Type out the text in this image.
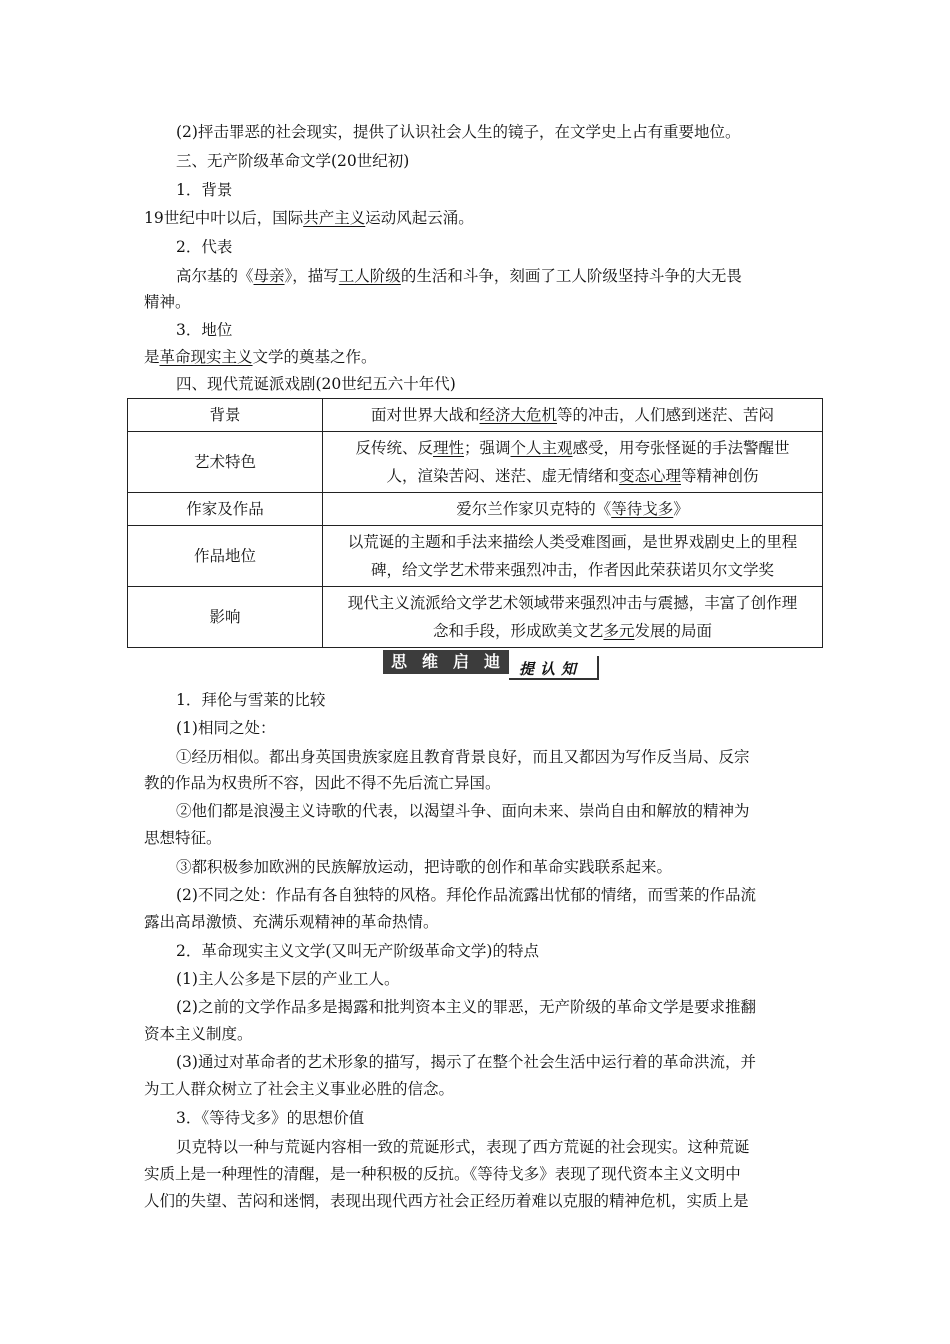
(2)抨击罪恶的社会现实，提供了认识社会人生的镜子，在文学史上占有重要地位。
三、无产阶级革命文学(20世纪初)
1．背景
19世纪中叶以后，国际共产主义运动风起云涌。
2．代表
高尔基的《母亲》，描写工人阶级的生活和斗争，刻画了工人阶级坚持斗争的大无畏
精神。
3．地位
是革命现实主义文学的奠基之作。
四、现代荒诞派戏剧(20世纪五六十年代)
背景	面对世界大战和经济大危机等的冲击，人们感到迷茫、苦闷
艺术特色	反传统、反理性；强调个人主观感受，用夸张怪诞的手法警醒世
人，渲染苦闷、迷茫、虚无情绪和变态心理等精神创伤

作家及作品	爱尔兰作家贝克特的《等待戈多》
作品地位	以荒诞的主题和手法来描绘人类受难图画，是世界戏剧史上的里程
碑，给文学艺术带来强烈冲击，作者因此荣获诺贝尔文学奖

影响	现代主义流派给文学艺术领域带来强烈冲击与震撼，丰富了创作理
念和手段，形成欧美文艺多元发展的局面
思 维 启 迪	提认知
1．拜伦与雪莱的比较
(1)相同之处：
①经历相似。都出身英国贵族家庭且教育背景良好，而且又都因为写作反当局、反宗
教的作品为权贵所不容，因此不得不先后流亡异国。
②他们都是浪漫主义诗歌的代表，以渴望斗争、面向未来、崇尚自由和解放的精神为
思想特征。
③都积极参加欧洲的民族解放运动，把诗歌的创作和革命实践联系起来。
(2)不同之处：作品有各自独特的风格。拜伦作品流露出忧郁的情绪，而雪莱的作品流
露出高昂激愤、充满乐观精神的革命热情。
2．革命现实主义文学(又叫无产阶级革命文学)的特点
(1)主人公多是下层的产业工人。
(2)之前的文学作品多是揭露和批判资本主义的罪恶，无产阶级的革命文学是要求推翻
资本主义制度。
(3)通过对革命者的艺术形象的描写，揭示了在整个社会生活中运行着的革命洪流，并
为工人群众树立了社会主义事业必胜的信念。
3．《等待戈多》的思想价值
贝克特以一种与荒诞内容相一致的荒诞形式，表现了西方荒诞的社会现实。这种荒诞
实质上是一种理性的清醒，是一种积极的反抗。《等待戈多》表现了现代资本主义文明中
人们的失望、苦闷和迷惘，表现出现代西方社会正经历着难以克服的精神危机，实质上是
